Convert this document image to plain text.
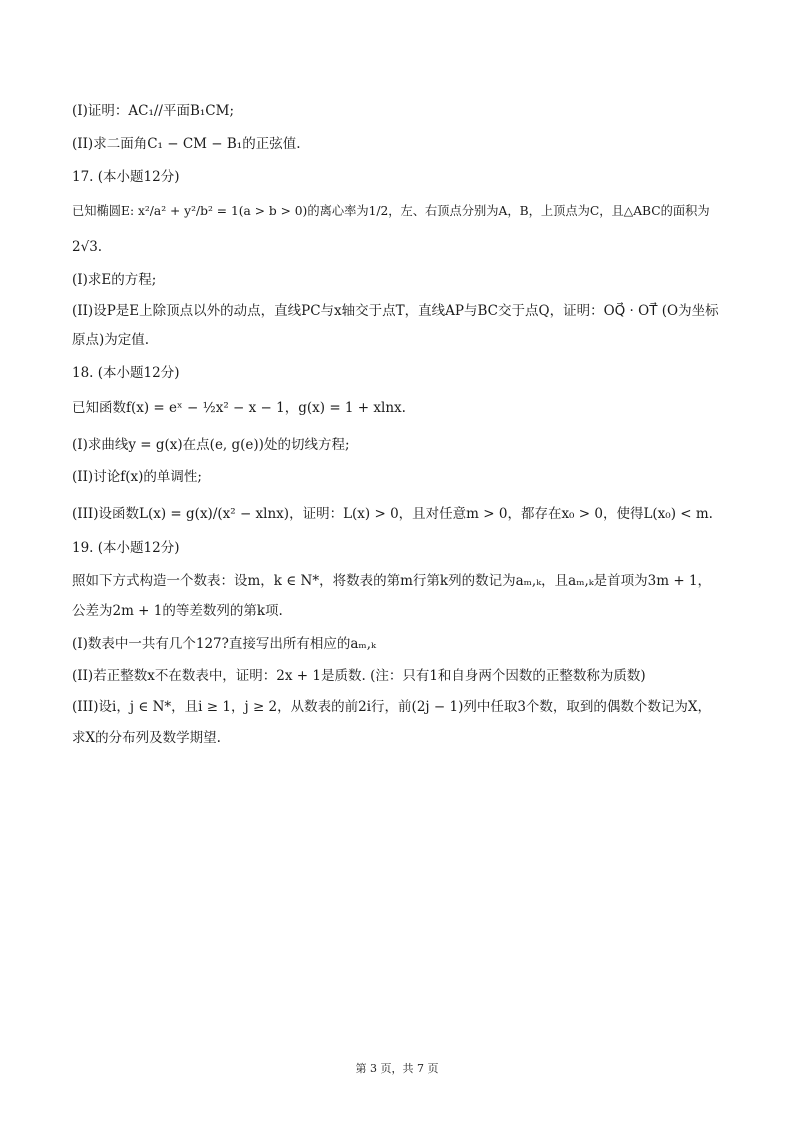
(I)证明：AC₁//平面B₁CM;
(II)求二面角C₁ − CM − B₁的正弦值.
17. (本小题12分)
已知椭圆E: x²/a² + y²/b² = 1(a > b > 0)的离心率为1/2，左、右顶点分别为A，B，上顶点为C，且△ABC的面积为
2√3.
(I)求E的方程;
(II)设P是E上除顶点以外的动点，直线PC与x轴交于点T，直线AP与BC交于点Q，证明：OQ⃗ · OT⃗ (O为坐标
原点)为定值.
18. (本小题12分)
已知函数f(x) = eˣ − ½x² − x − 1，g(x) = 1 + xlnx.
(I)求曲线y = g(x)在点(e, g(e))处的切线方程;
(II)讨论f(x)的单调性;
(III)设函数L(x) = g(x)/(x² − xlnx)，证明：L(x) > 0，且对任意m > 0，都存在x₀ > 0，使得L(x₀) < m.
19. (本小题12分)
照如下方式构造一个数表：设m，k ∈ N*，将数表的第m行第k列的数记为aₘ,ₖ，且aₘ,ₖ是首项为3m + 1，
公差为2m + 1的等差数列的第k项.
(I)数表中一共有几个127?直接写出所有相应的aₘ,ₖ
(II)若正整数x不在数表中，证明：2x + 1是质数. (注：只有1和自身两个因数的正整数称为质数)
(III)设i，j ∈ N*，且i ≥ 1，j ≥ 2，从数表的前2i行，前(2j − 1)列中任取3个数，取到的偶数个数记为X，
求X的分布列及数学期望.
第 3 页，共 7 页
